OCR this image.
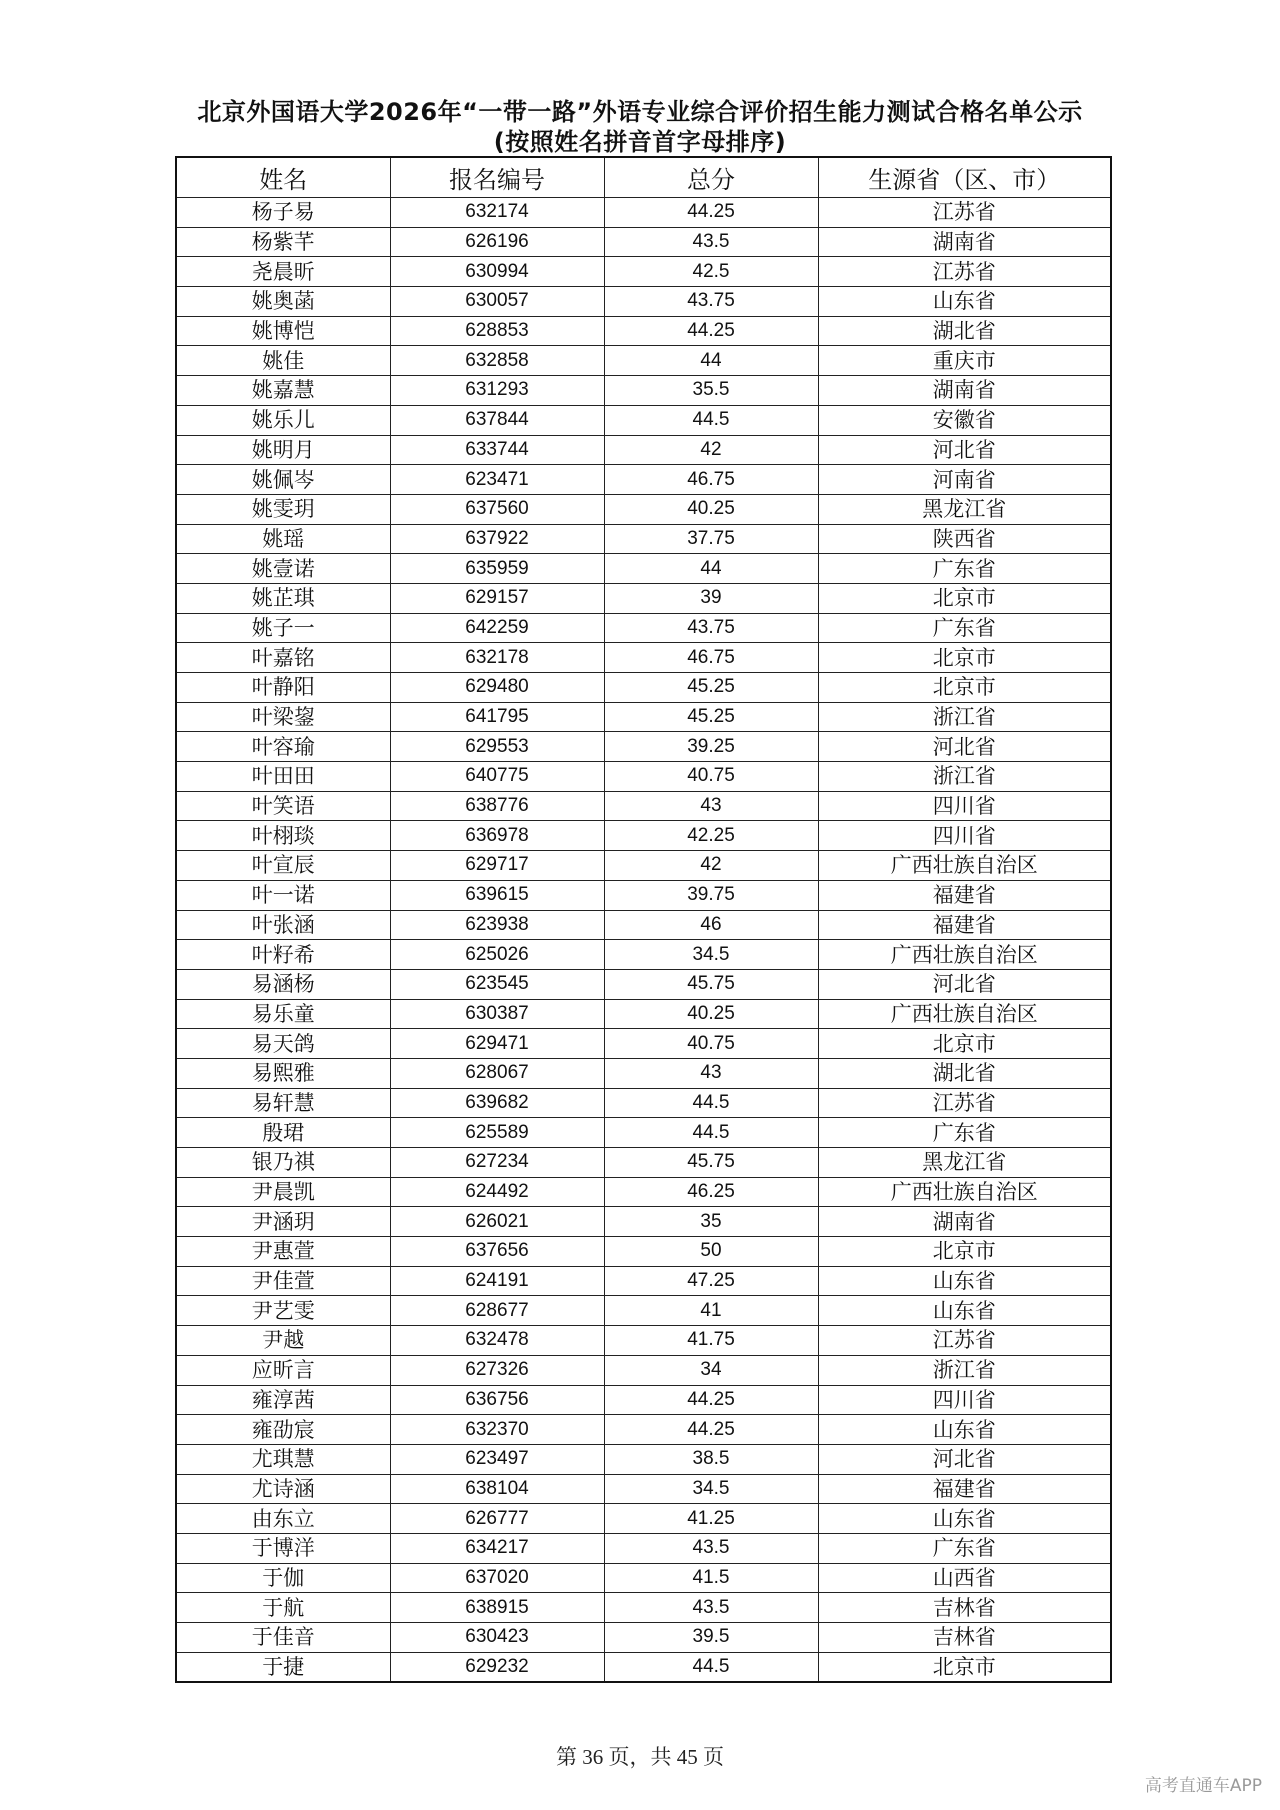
北京外国语大学2026年“一带一路”外语专业综合评价招生能力测试合格名单公示
(按照姓名拼音首字母排序)
姓名	报名编号	总分	生源省（区、市）
杨子易	632174	44.25	江苏省
杨紫芊	626196	43.5	湖南省
尧晨昕	630994	42.5	江苏省
姚奥菡	630057	43.75	山东省
姚博恺	628853	44.25	湖北省
姚佳	632858	44	重庆市
姚嘉慧	631293	35.5	湖南省
姚乐儿	637844	44.5	安徽省
姚明月	633744	42	河北省
姚佩岑	623471	46.75	河南省
姚雯玥	637560	40.25	黑龙江省
姚瑶	637922	37.75	陕西省
姚壹诺	635959	44	广东省
姚芷琪	629157	39	北京市
姚子一	642259	43.75	广东省
叶嘉铭	632178	46.75	北京市
叶静阳	629480	45.25	北京市
叶梁鋆	641795	45.25	浙江省
叶容瑜	629553	39.25	河北省
叶田田	640775	40.75	浙江省
叶笑语	638776	43	四川省
叶栩琰	636978	42.25	四川省
叶宣辰	629717	42	广西壮族自治区
叶一诺	639615	39.75	福建省
叶张涵	623938	46	福建省
叶籽希	625026	34.5	广西壮族自治区
易涵杨	623545	45.75	河北省
易乐童	630387	40.25	广西壮族自治区
易天鸽	629471	40.75	北京市
易熙雅	628067	43	湖北省
易轩慧	639682	44.5	江苏省
殷珺	625589	44.5	广东省
银乃祺	627234	45.75	黑龙江省
尹晨凯	624492	46.25	广西壮族自治区
尹涵玥	626021	35	湖南省
尹惠萱	637656	50	北京市
尹佳萱	624191	47.25	山东省
尹艺雯	628677	41	山东省
尹越	632478	41.75	江苏省
应昕言	627326	34	浙江省
雍淳茜	636756	44.25	四川省
雍劭宸	632370	44.25	山东省
尤琪慧	623497	38.5	河北省
尤诗涵	638104	34.5	福建省
由东立	626777	41.25	山东省
于博洋	634217	43.5	广东省
于伽	637020	41.5	山西省
于航	638915	43.5	吉林省
于佳音	630423	39.5	吉林省
于捷	629232	44.5	北京市
第 36 页，共 45 页
高考直通车APP
